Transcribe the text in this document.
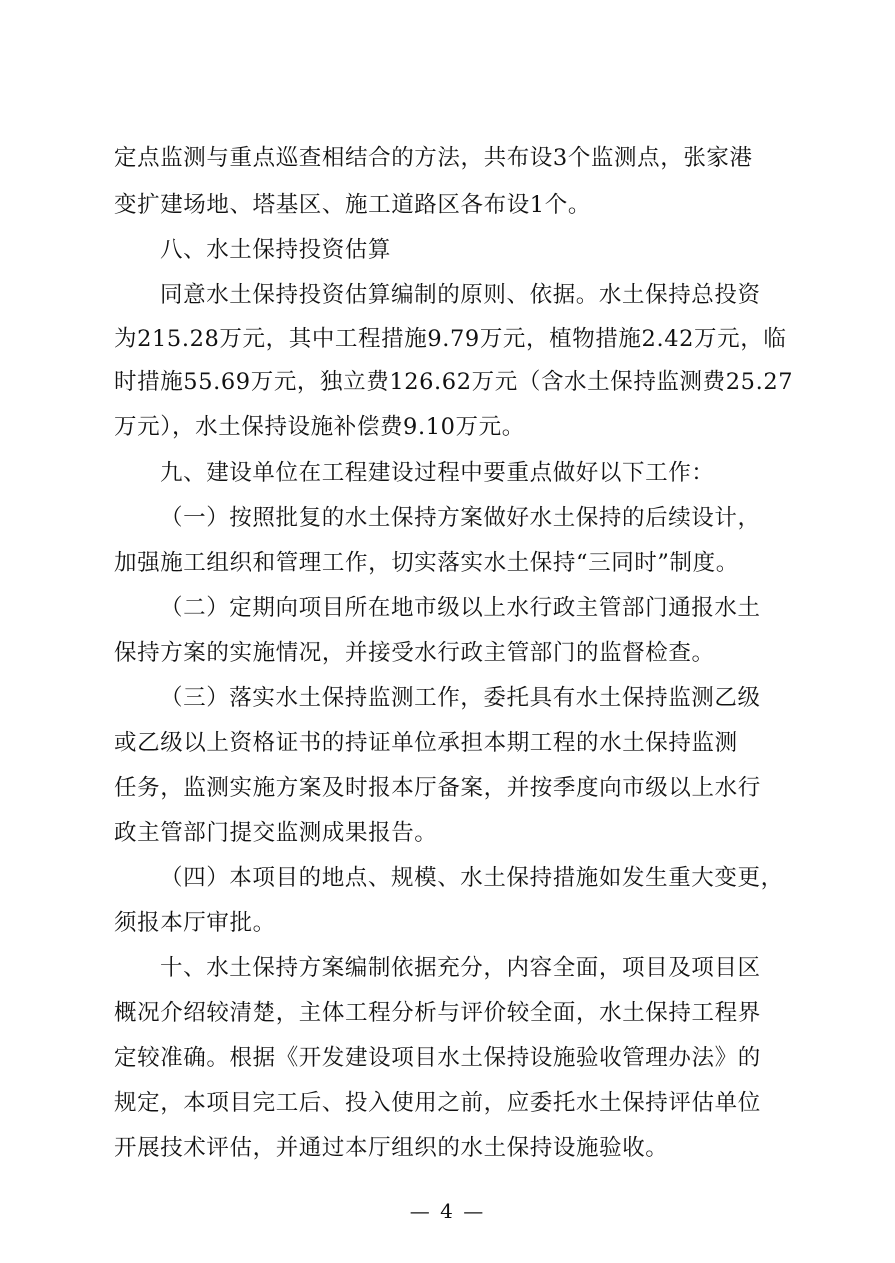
定点监测与重点巡查相结合的方法，共布设3个监测点，张家港
变扩建场地、塔基区、施工道路区各布设1个。
八、水土保持投资估算
同意水土保持投资估算编制的原则、依据。水土保持总投资
为215.28万元，其中工程措施9.79万元，植物措施2.42万元，临
时措施55.69万元，独立费126.62万元（含水土保持监测费25.27
万元），水土保持设施补偿费9.10万元。
九、建设单位在工程建设过程中要重点做好以下工作：
（一）按照批复的水土保持方案做好水土保持的后续设计，
加强施工组织和管理工作，切实落实水土保持“三同时”制度。
（二）定期向项目所在地市级以上水行政主管部门通报水土
保持方案的实施情况，并接受水行政主管部门的监督检查。
（三）落实水土保持监测工作，委托具有水土保持监测乙级
或乙级以上资格证书的持证单位承担本期工程的水土保持监测
任务，监测实施方案及时报本厅备案，并按季度向市级以上水行
政主管部门提交监测成果报告。
（四）本项目的地点、规模、水土保持措施如发生重大变更，
须报本厅审批。
十、水土保持方案编制依据充分，内容全面，项目及项目区
概况介绍较清楚，主体工程分析与评价较全面，水土保持工程界
定较准确。根据《开发建设项目水土保持设施验收管理办法》的
规定，本项目完工后、投入使用之前，应委托水土保持评估单位
开展技术评估，并通过本厅组织的水土保持设施验收。
— 4 —
